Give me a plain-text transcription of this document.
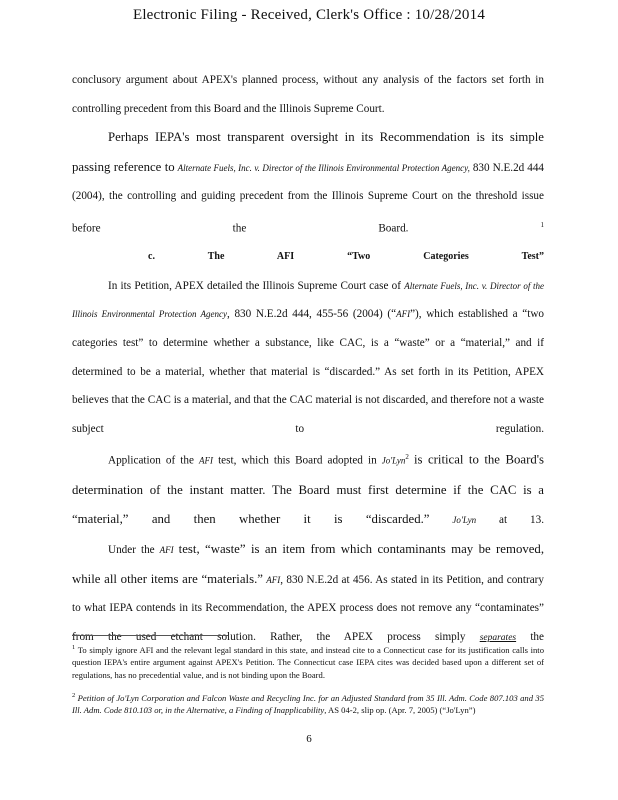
Electronic Filing - Received, Clerk's Office : 10/28/2014

conclusory argument about APEX's planned process, without any analysis of the factors set forth in controlling precedent from this Board and the Illinois Supreme Court.

Perhaps IEPA's most transparent oversight in its Recommendation is its simple passing reference to Alternate Fuels, Inc. v. Director of the Illinois Environmental Protection Agency, 830 N.E.2d 444 (2004), the controlling and guiding precedent from the Illinois Supreme Court on the threshold issue before the Board.	$^1$

c. The AFI “Two Categories Test”

In its Petition, APEX detailed the Illinois Supreme Court case of Alternate Fuels, Inc. v. Director of the Illinois Environmental Protection Agency, 830 N.E.2d 444, 455-56 (2004) (“AFI”), which established a “two categories test” to determine whether a substance, like CAC, is a “waste” or a “material,” and if determined to be a material, whether that material is “discarded.” As set forth in its Petition, APEX believes that the CAC is a material, and that the CAC material is not discarded, and therefore not a waste subject to regulation.

Application of the AFI test, which this Board adopted in Jo'Lyn$^2$ is critical to the Board's determination of the instant matter. The Board must first determine if the CAC is a “material,” and then whether it is “discarded.”	Jo'Lyn at 13.

Under the AFI test, “waste” is an item from which contaminants may be removed, while all other items are “materials.” AFI, 830 N.E.2d at 456. As stated in its Petition, and contrary to what IEPA contends in its Recommendation, the APEX process does not remove any “contaminates” from the used etchant solution. Rather, the APEX process simply separates the

$^1$ To simply ignore AFI and the relevant legal standard in this state, and instead cite to a Connecticut case for its justification calls into question IEPA's entire argument against APEX's Petition. The Connecticut case IEPA cites was decided based upon a different set of regulations, has no precedential value, and is not binding upon the Board.

$^2$ Petition of Jo'Lyn Corporation and Falcon Waste and Recycling Inc. for an Adjusted Standard from 35 Ill. Adm. Code 807.103 and 35 Ill. Adm. Code 810.103 or, in the Alternative, a Finding of Inapplicability, AS 04-2, slip op. (Apr. 7, 2005) (“Jo'Lyn”)

6
